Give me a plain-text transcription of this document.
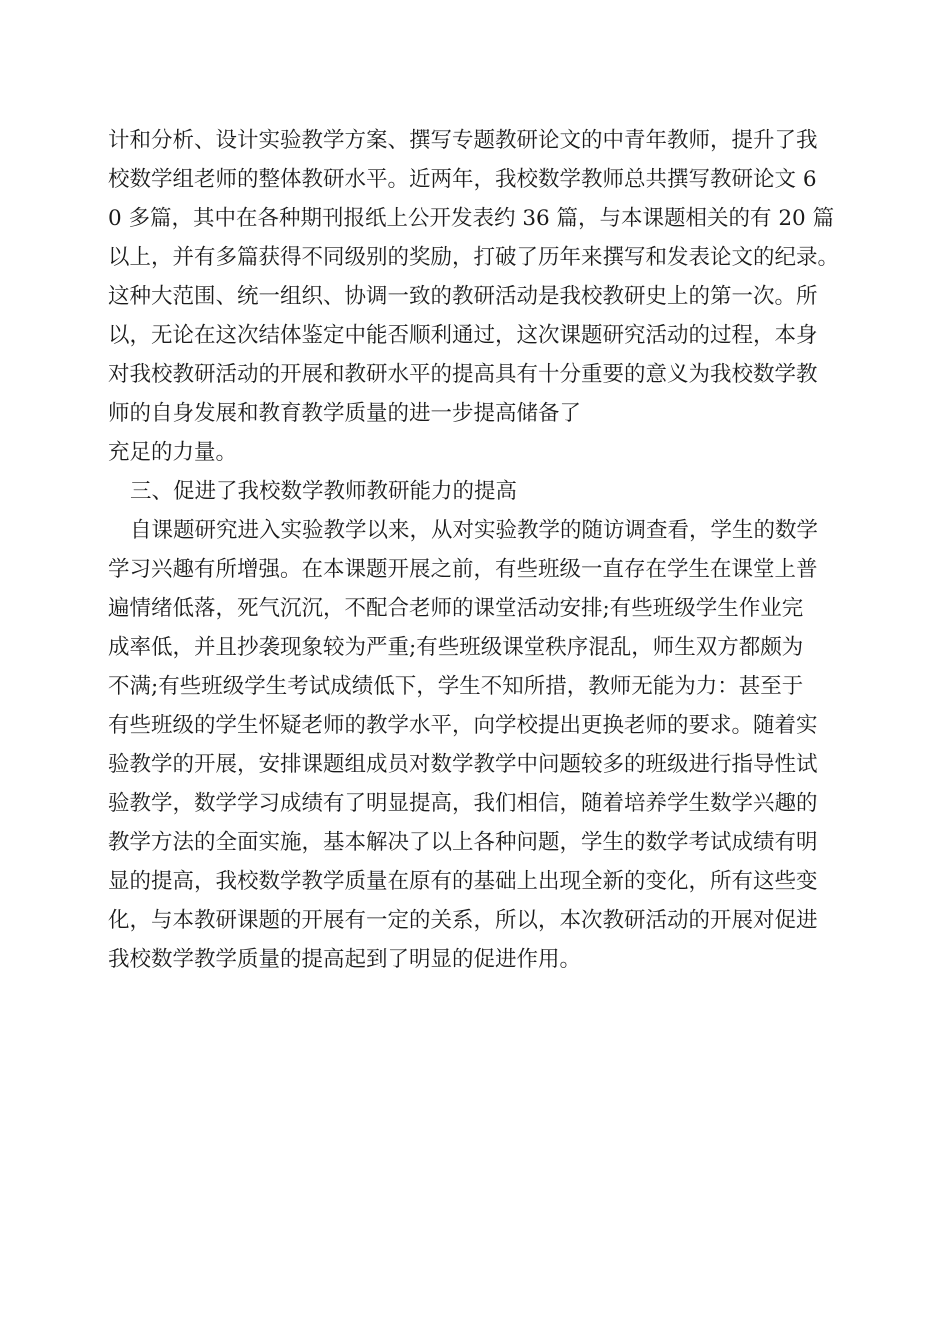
计和分析、设计实验教学方案、撰写专题教研论文的中青年教师，提升了我
校数学组老师的整体教研水平。近两年，我校数学教师总共撰写教研论文 6
0 多篇，其中在各种期刊报纸上公开发表约 36 篇，与本课题相关的有 20 篇
以上，并有多篇获得不同级别的奖励，打破了历年来撰写和发表论文的纪录。
这种大范围、统一组织、协调一致的教研活动是我校教研史上的第一次。所
以，无论在这次结体鉴定中能否顺利通过，这次课题研究活动的过程，本身
对我校教研活动的开展和教研水平的提高具有十分重要的意义为我校数学教
师的自身发展和教育教学质量的进一步提高储备了
充足的力量。
三、促进了我校数学教师教研能力的提高
自课题研究进入实验教学以来，从对实验教学的随访调查看，学生的数学
学习兴趣有所增强。在本课题开展之前，有些班级一直存在学生在课堂上普
遍情绪低落，死气沉沉，不配合老师的课堂活动安排;有些班级学生作业完
成率低，并且抄袭现象较为严重;有些班级课堂秩序混乱，师生双方都颇为
不满;有些班级学生考试成绩低下，学生不知所措，教师无能为力：甚至于
有些班级的学生怀疑老师的教学水平，向学校提出更换老师的要求。随着实
验教学的开展，安排课题组成员对数学教学中问题较多的班级进行指导性试
验教学，数学学习成绩有了明显提高，我们相信，随着培养学生数学兴趣的
教学方法的全面实施，基本解决了以上各种问题，学生的数学考试成绩有明
显的提高，我校数学教学质量在原有的基础上出现全新的变化，所有这些变
化，与本教研课题的开展有一定的关系，所以，本次教研活动的开展对促进
我校数学教学质量的提高起到了明显的促进作用。
